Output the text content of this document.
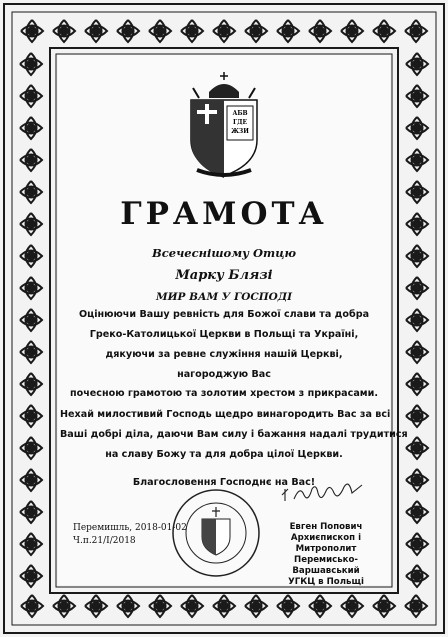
АБВ
ГДЕ
ЖЗИ
ГРАМОТА
Всечеснішому Отцю
Марку Блязі
МИР ВАМ У ГОСПОДІ
Оцінюючи Вашу ревність для Божої слави та добра
Греко-Католицької Церкви в Польщі та Україні,
дякуючи за ревне служіння нашій Церкві,
нагороджую Вас
почесною грамотою та золотим хрестом з прикрасами.
Нехай милостивий Господь щедро винагородить Вас за всі
Ваші добрі діла, даючи Вам силу і бажання надалі трудитися
на славу Божу та для добра цілої Церкви.
Благословення Господнє на Вас!
Перемишль, 2018-01-02
Ч.п.21/I/2018
Евген Попович
Архиєпископ і Митрополит
Перемисько-Варшавський
УГКЦ в Польщі
